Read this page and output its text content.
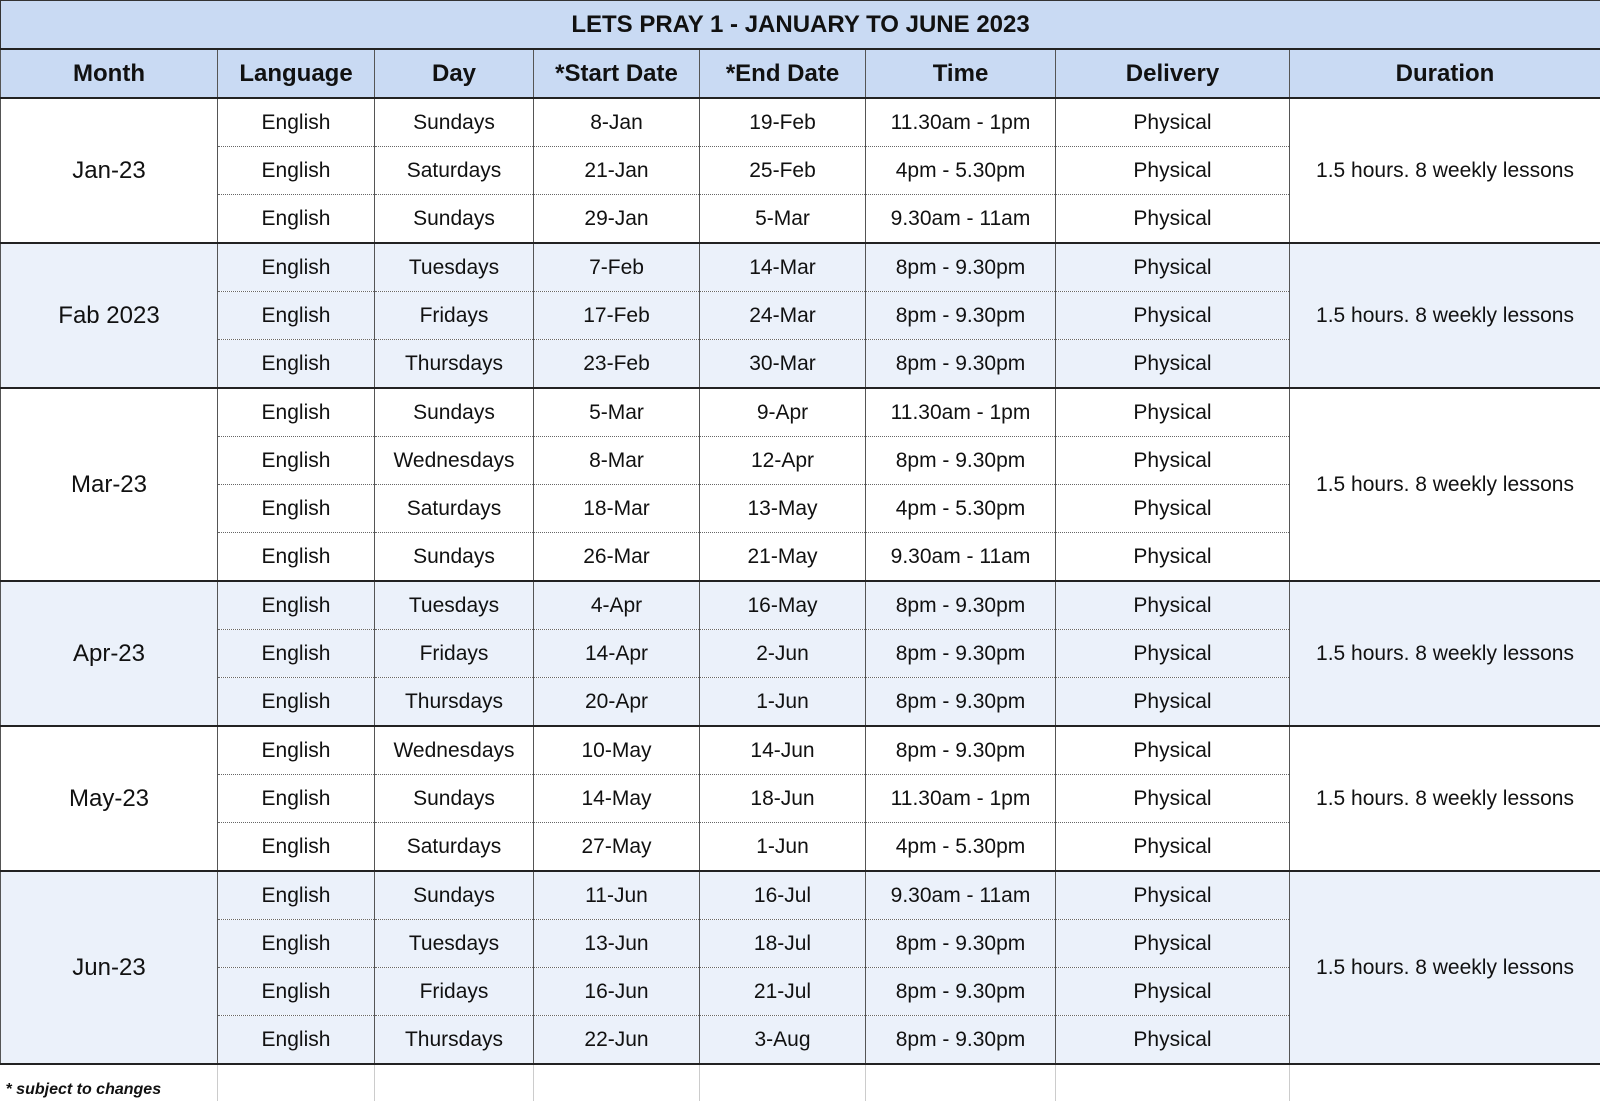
LETS PRAY 1 - JANUARY TO JUNE 2023							
Month	Language	Day	*Start Date	*End Date	Time	Delivery	Duration
Jan-23	English	Sundays	8-Jan	19-Feb	11.30am - 1pm	Physical	1.5 hours. 8 weekly lessons
	English	Saturdays	21-Jan	25-Feb	4pm - 5.30pm	Physical	
	English	Sundays	29-Jan	5-Mar	9.30am - 11am	Physical	
Fab 2023	English	Tuesdays	7-Feb	14-Mar	8pm - 9.30pm	Physical	1.5 hours. 8 weekly lessons
	English	Fridays	17-Feb	24-Mar	8pm - 9.30pm	Physical	
	English	Thursdays	23-Feb	30-Mar	8pm - 9.30pm	Physical	
Mar-23	English	Sundays	5-Mar	9-Apr	11.30am - 1pm	Physical	1.5 hours. 8 weekly lessons
	English	Wednesdays	8-Mar	12-Apr	8pm - 9.30pm	Physical	
	English	Saturdays	18-Mar	13-May	4pm - 5.30pm	Physical	
	English	Sundays	26-Mar	21-May	9.30am - 11am	Physical	
Apr-23	English	Tuesdays	4-Apr	16-May	8pm - 9.30pm	Physical	1.5 hours. 8 weekly lessons
	English	Fridays	14-Apr	2-Jun	8pm - 9.30pm	Physical	
	English	Thursdays	20-Apr	1-Jun	8pm - 9.30pm	Physical	
May-23	English	Wednesdays	10-May	14-Jun	8pm - 9.30pm	Physical	1.5 hours. 8 weekly lessons
	English	Sundays	14-May	18-Jun	11.30am - 1pm	Physical	
	English	Saturdays	27-May	1-Jun	4pm - 5.30pm	Physical	
Jun-23	English	Sundays	11-Jun	16-Jul	9.30am - 11am	Physical	1.5 hours. 8 weekly lessons
	English	Tuesdays	13-Jun	18-Jul	8pm - 9.30pm	Physical	
	English	Fridays	16-Jun	21-Jul	8pm - 9.30pm	Physical	
	English	Thursdays	22-Jun	3-Aug	8pm - 9.30pm	Physical	
* subject to changes							
